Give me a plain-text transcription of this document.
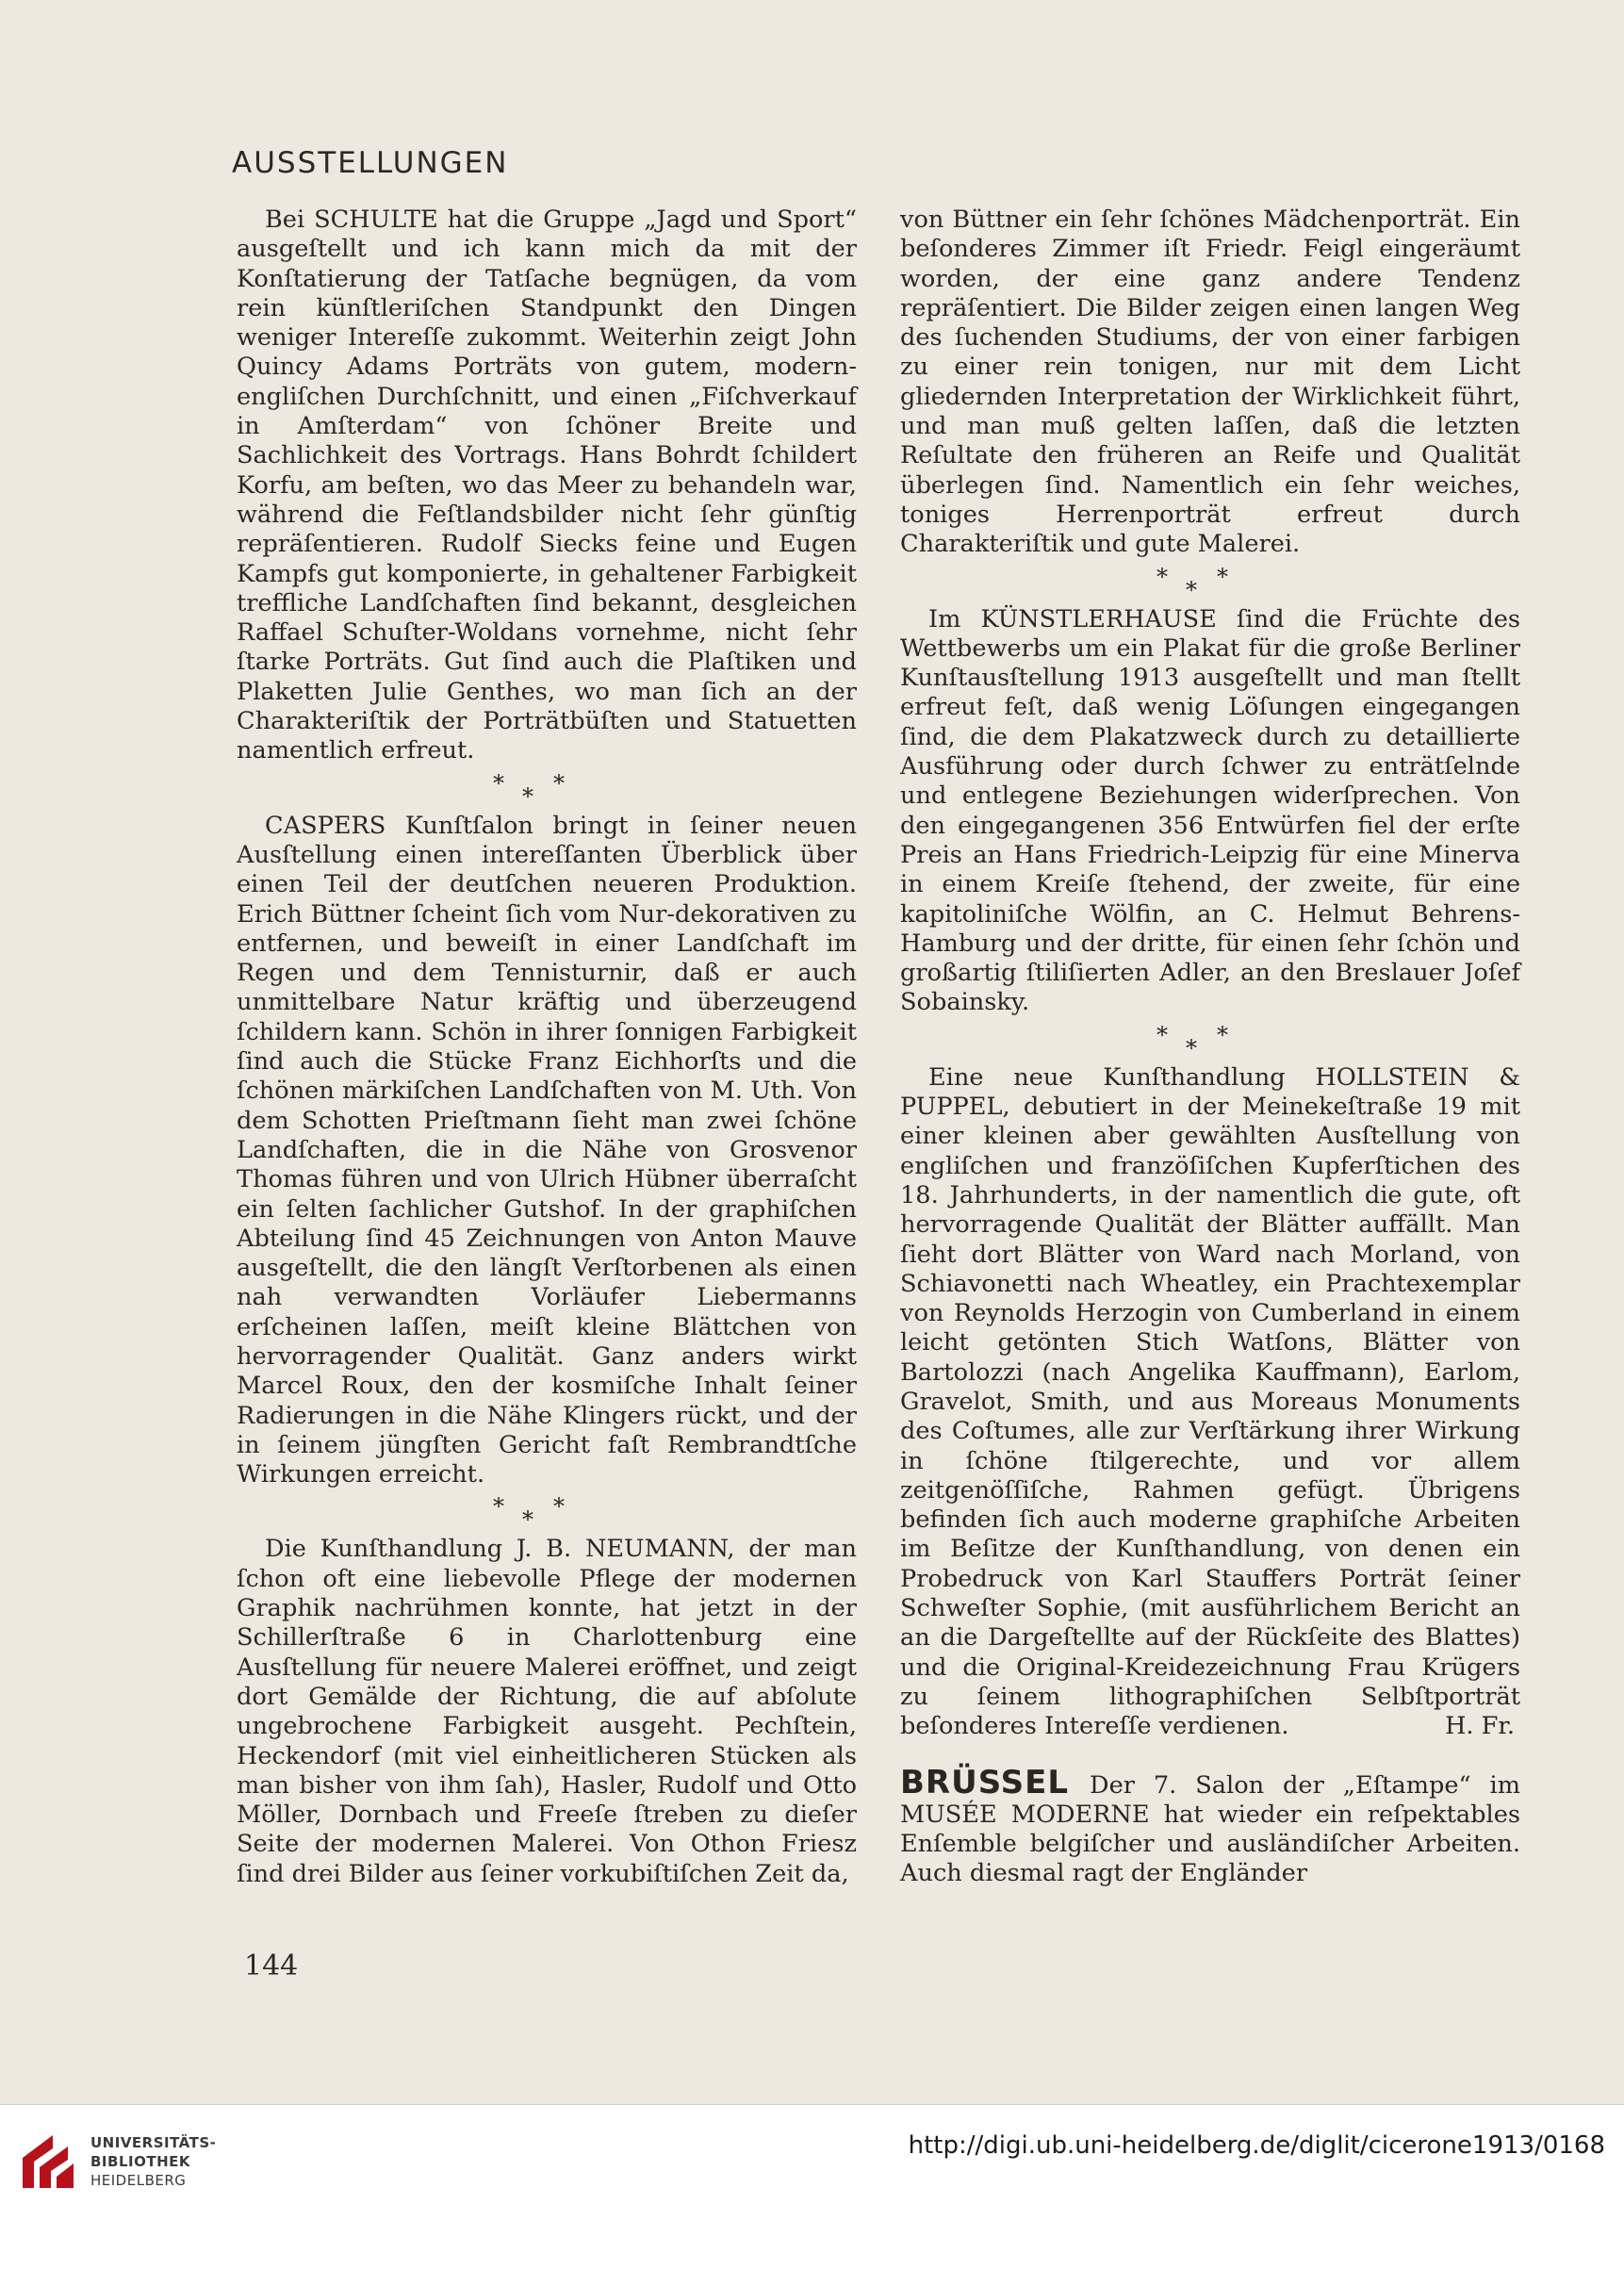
AUSSTELLUNGEN

Bei SCHULTE hat die Gruppe „Jagd und Sport“ ausgeſtellt und ich kann mich da mit der Konſtatierung der Tatſache begnügen, da vom rein künſtleriſchen Standpunkt den Dingen weniger Intereſſe zukommt. Weiterhin zeigt John Quincy Adams Porträts von gutem, modern-engliſchen Durchſchnitt, und einen „Fiſchverkauf in Amſterdam“ von ſchöner Breite und Sachlichkeit des Vortrags. Hans Bohrdt ſchildert Korfu, am beſten, wo das Meer zu behandeln war, während die Feſtlandsbilder nicht ſehr günſtig repräſentieren. Rudolf Siecks feine und Eugen Kampfs gut komponierte, in gehaltener Farbigkeit treffliche Landſchaften ſind bekannt, desgleichen Raffael Schuſter-Woldans vornehme, nicht ſehr ſtarke Porträts. Gut ſind auch die Plaſtiken und Plaketten Julie Genthes, wo man ſich an der Charakteriſtik der Porträtbüſten und Statuetten namentlich erfreut.

* * *

CASPERS Kunſtſalon bringt in ſeiner neuen Ausſtellung einen intereſſanten Überblick über einen Teil der deutſchen neueren Produktion. Erich Büttner ſcheint ſich vom Nur-dekorativen zu entfernen, und beweiſt in einer Landſchaft im Regen und dem Tennisturnir, daß er auch unmittelbare Natur kräftig und überzeugend ſchildern kann. Schön in ihrer ſonnigen Farbigkeit ſind auch die Stücke Franz Eichhorſts und die ſchönen märkiſchen Landſchaften von M. Uth. Von dem Schotten Prieſtmann ſieht man zwei ſchöne Landſchaften, die in die Nähe von Grosvenor Thomas führen und von Ulrich Hübner überraſcht ein ſelten ſachlicher Gutshof. In der graphiſchen Abteilung ſind 45 Zeichnungen von Anton Mauve ausgeſtellt, die den längſt Verſtorbenen als einen nah verwandten Vorläufer Liebermanns erſcheinen laſſen, meiſt kleine Blättchen von hervorragender Qualität. Ganz anders wirkt Marcel Roux, den der kosmiſche Inhalt ſeiner Radierungen in die Nähe Klingers rückt, und der in ſeinem jüngſten Gericht faſt Rembrandtſche Wirkungen erreicht.

* * *

Die Kunſthandlung J. B. NEUMANN, der man ſchon oft eine liebevolle Pflege der modernen Graphik nachrühmen konnte, hat jetzt in der Schillerſtraße 6 in Charlottenburg eine Ausſtellung für neuere Malerei eröffnet, und zeigt dort Gemälde der Richtung, die auf abſolute ungebrochene Farbigkeit ausgeht. Pechſtein, Heckendorf (mit viel einheitlicheren Stücken als man bisher von ihm ſah), Hasler, Rudolf und Otto Möller, Dornbach und Freeſe ſtreben zu dieſer Seite der modernen Malerei. Von Othon Friesz ſind drei Bilder aus ſeiner vorkubiſtiſchen Zeit da,

von Büttner ein ſehr ſchönes Mädchenporträt. Ein beſonderes Zimmer iſt Friedr. Feigl eingeräumt worden, der eine ganz andere Tendenz repräſentiert. Die Bilder zeigen einen langen Weg des ſuchenden Studiums, der von einer farbigen zu einer rein tonigen, nur mit dem Licht gliedernden Interpretation der Wirklichkeit führt, und man muß gelten laſſen, daß die letzten Reſultate den früheren an Reife und Qualität überlegen ſind. Namentlich ein ſehr weiches, toniges Herrenporträt erfreut durch Charakteriſtik und gute Malerei.

* * *

Im KÜNSTLERHAUSE ſind die Früchte des Wettbewerbs um ein Plakat für die große Berliner Kunſtausſtellung 1913 ausgeſtellt und man ſtellt erfreut feſt, daß wenig Löſungen eingegangen ſind, die dem Plakatzweck durch zu detaillierte Ausführung oder durch ſchwer zu enträtſelnde und entlegene Beziehungen widerſprechen. Von den eingegangenen 356 Entwürfen fiel der erſte Preis an Hans Friedrich-Leipzig für eine Minerva in einem Kreiſe ſtehend, der zweite, für eine kapitoliniſche Wölfin, an C. Helmut Behrens-Hamburg und der dritte, für einen ſehr ſchön und großartig ſtiliſierten Adler, an den Breslauer Joſef Sobainsky.

* * *

Eine neue Kunſthandlung HOLLSTEIN & PUPPEL, debutiert in der Meinekeſtraße 19 mit einer kleinen aber gewählten Ausſtellung von engliſchen und franzöſiſchen Kupferſtichen des 18. Jahrhunderts, in der namentlich die gute, oft hervorragende Qualität der Blätter auffällt. Man ſieht dort Blätter von Ward nach Morland, von Schiavonetti nach Wheatley, ein Prachtexemplar von Reynolds Herzogin von Cumberland in einem leicht getönten Stich Watſons, Blätter von Bartolozzi (nach Angelika Kauffmann), Earlom, Gravelot, Smith, und aus Moreaus Monuments des Coſtumes, alle zur Verſtärkung ihrer Wirkung in ſchöne ſtilgerechte, und vor allem zeitgenöſſiſche, Rahmen gefügt. Übrigens befinden ſich auch moderne graphiſche Arbeiten im Beſitze der Kunſthandlung, von denen ein Probedruck von Karl Stauffers Porträt ſeiner Schweſter Sophie, (mit ausführlichem Bericht an an die Dargeſtellte auf der Rückſeite des Blattes) und die Original-Kreidezeichnung Frau Krügers zu ſeinem lithographiſchen Selbſtporträt beſonderes Intereſſe verdienen.	H. Fr.

BRÜSSEL Der 7. Salon der „Eſtampe“ im MUSÉE MODERNE hat wieder ein reſpektables Enſemble belgiſcher und ausländiſcher Arbeiten. Auch diesmal ragt der Engländer

144
UNIVERSITÄTS-
BIBLIOTHEK
HEIDELBERG
http://digi.ub.uni-heidelberg.de/diglit/cicerone1913/0168
